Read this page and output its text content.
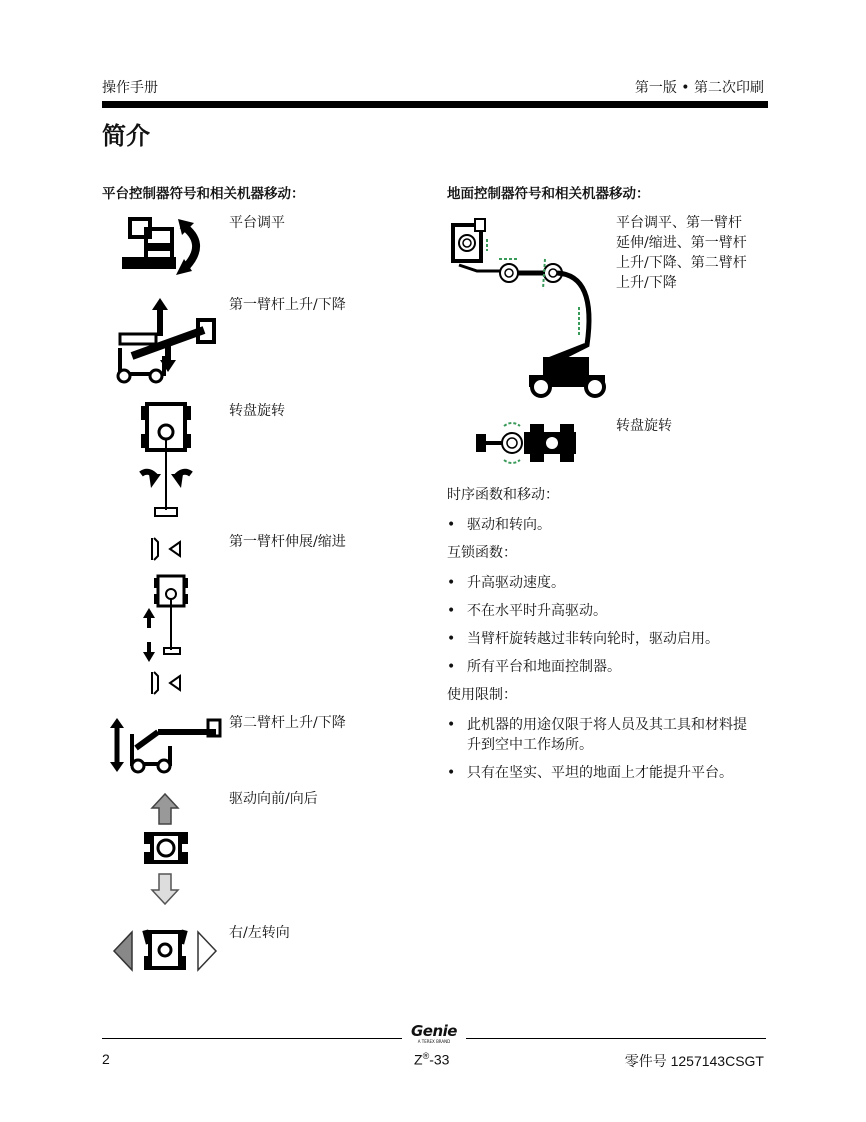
操作手册	第一版 • 第二次印刷
简介
平台控制器符号和相关机器移动：
平台调平
第一臂杆上升/下降
转盘旋转
第一臂杆伸展/缩进
第二臂杆上升/下降
驱动向前/向后
右/左转向
地面控制器符号和相关机器移动：
平台调平、第一臂杆
延伸/缩进、第一臂杆
上升/下降、第二臂杆
上升/下降
转盘旋转
时序函数和移动：
• 驱动和转向。
互锁函数：
• 升高驱动速度。
• 不在水平时升高驱动。
• 当臂杆旋转越过非转向轮时，驱动启用。
• 所有平台和地面控制器。
使用限制：
• 此机器的用途仅限于将人员及其工具和材料提
升到空中工作场所。
• 只有在坚实、平坦的地面上才能提升平台。
Genie
A TEREX BRAND
2	Z®-33	零件号 1257143CSGT
